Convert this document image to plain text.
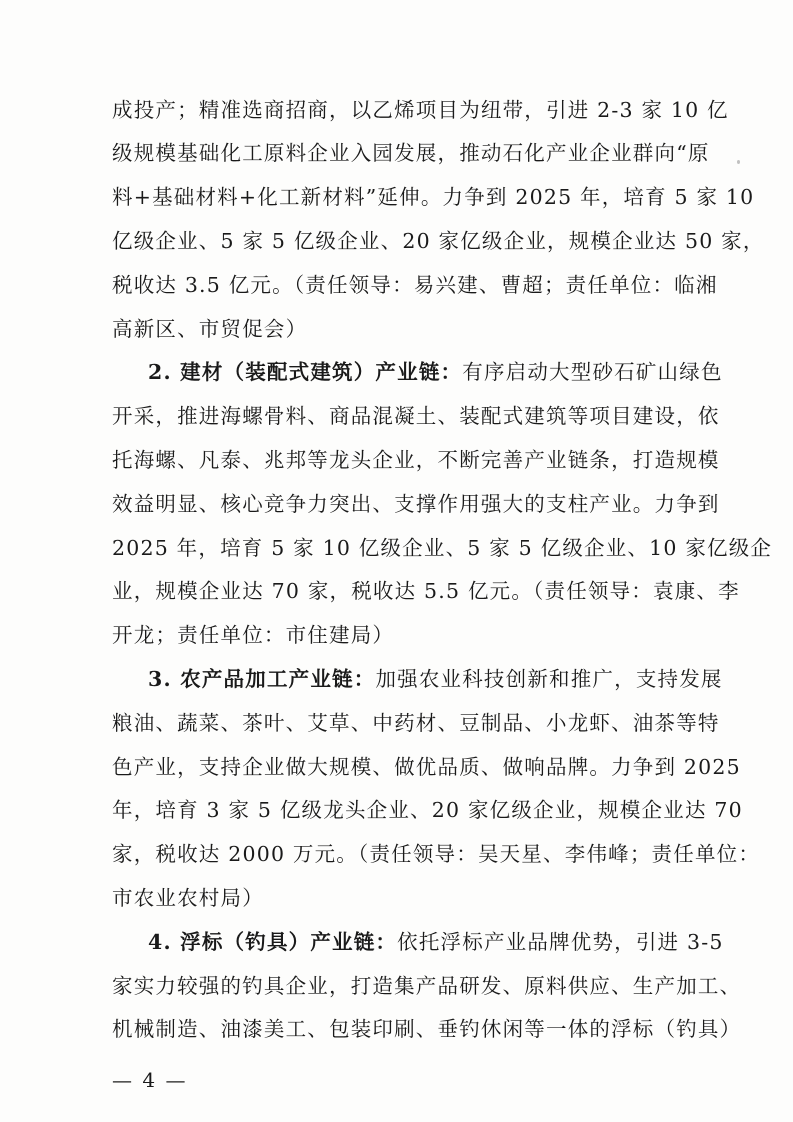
成投产；精准选商招商，以乙烯项目为纽带，引进 2-3 家 10 亿
级规模基础化工原料企业入园发展，推动石化产业企业群向“原
料+基础材料+化工新材料”延伸。力争到 2025 年，培育 5 家 10
亿级企业、5 家 5 亿级企业、20 家亿级企业，规模企业达 50 家，
税收达 3.5 亿元。（责任领导：易兴建、曹超；责任单位：临湘
高新区、市贸促会）
2. 建材（装配式建筑）产业链：有序启动大型砂石矿山绿色
开采，推进海螺骨料、商品混凝土、装配式建筑等项目建设，依
托海螺、凡泰、兆邦等龙头企业，不断完善产业链条，打造规模
效益明显、核心竞争力突出、支撑作用强大的支柱产业。力争到
2025 年，培育 5 家 10 亿级企业、5 家 5 亿级企业、10 家亿级企
业，规模企业达 70 家，税收达 5.5 亿元。（责任领导：袁康、李
开龙；责任单位：市住建局）
3. 农产品加工产业链：加强农业科技创新和推广，支持发展
粮油、蔬菜、茶叶、艾草、中药材、豆制品、小龙虾、油茶等特
色产业，支持企业做大规模、做优品质、做响品牌。力争到 2025
年，培育 3 家 5 亿级龙头企业、20 家亿级企业，规模企业达 70
家，税收达 2000 万元。（责任领导：吴天星、李伟峰；责任单位：
市农业农村局）
4. 浮标（钓具）产业链：依托浮标产业品牌优势，引进 3-5
家实力较强的钓具企业，打造集产品研发、原料供应、生产加工、
机械制造、油漆美工、包装印刷、垂钓休闲等一体的浮标（钓具）
— 4 —
